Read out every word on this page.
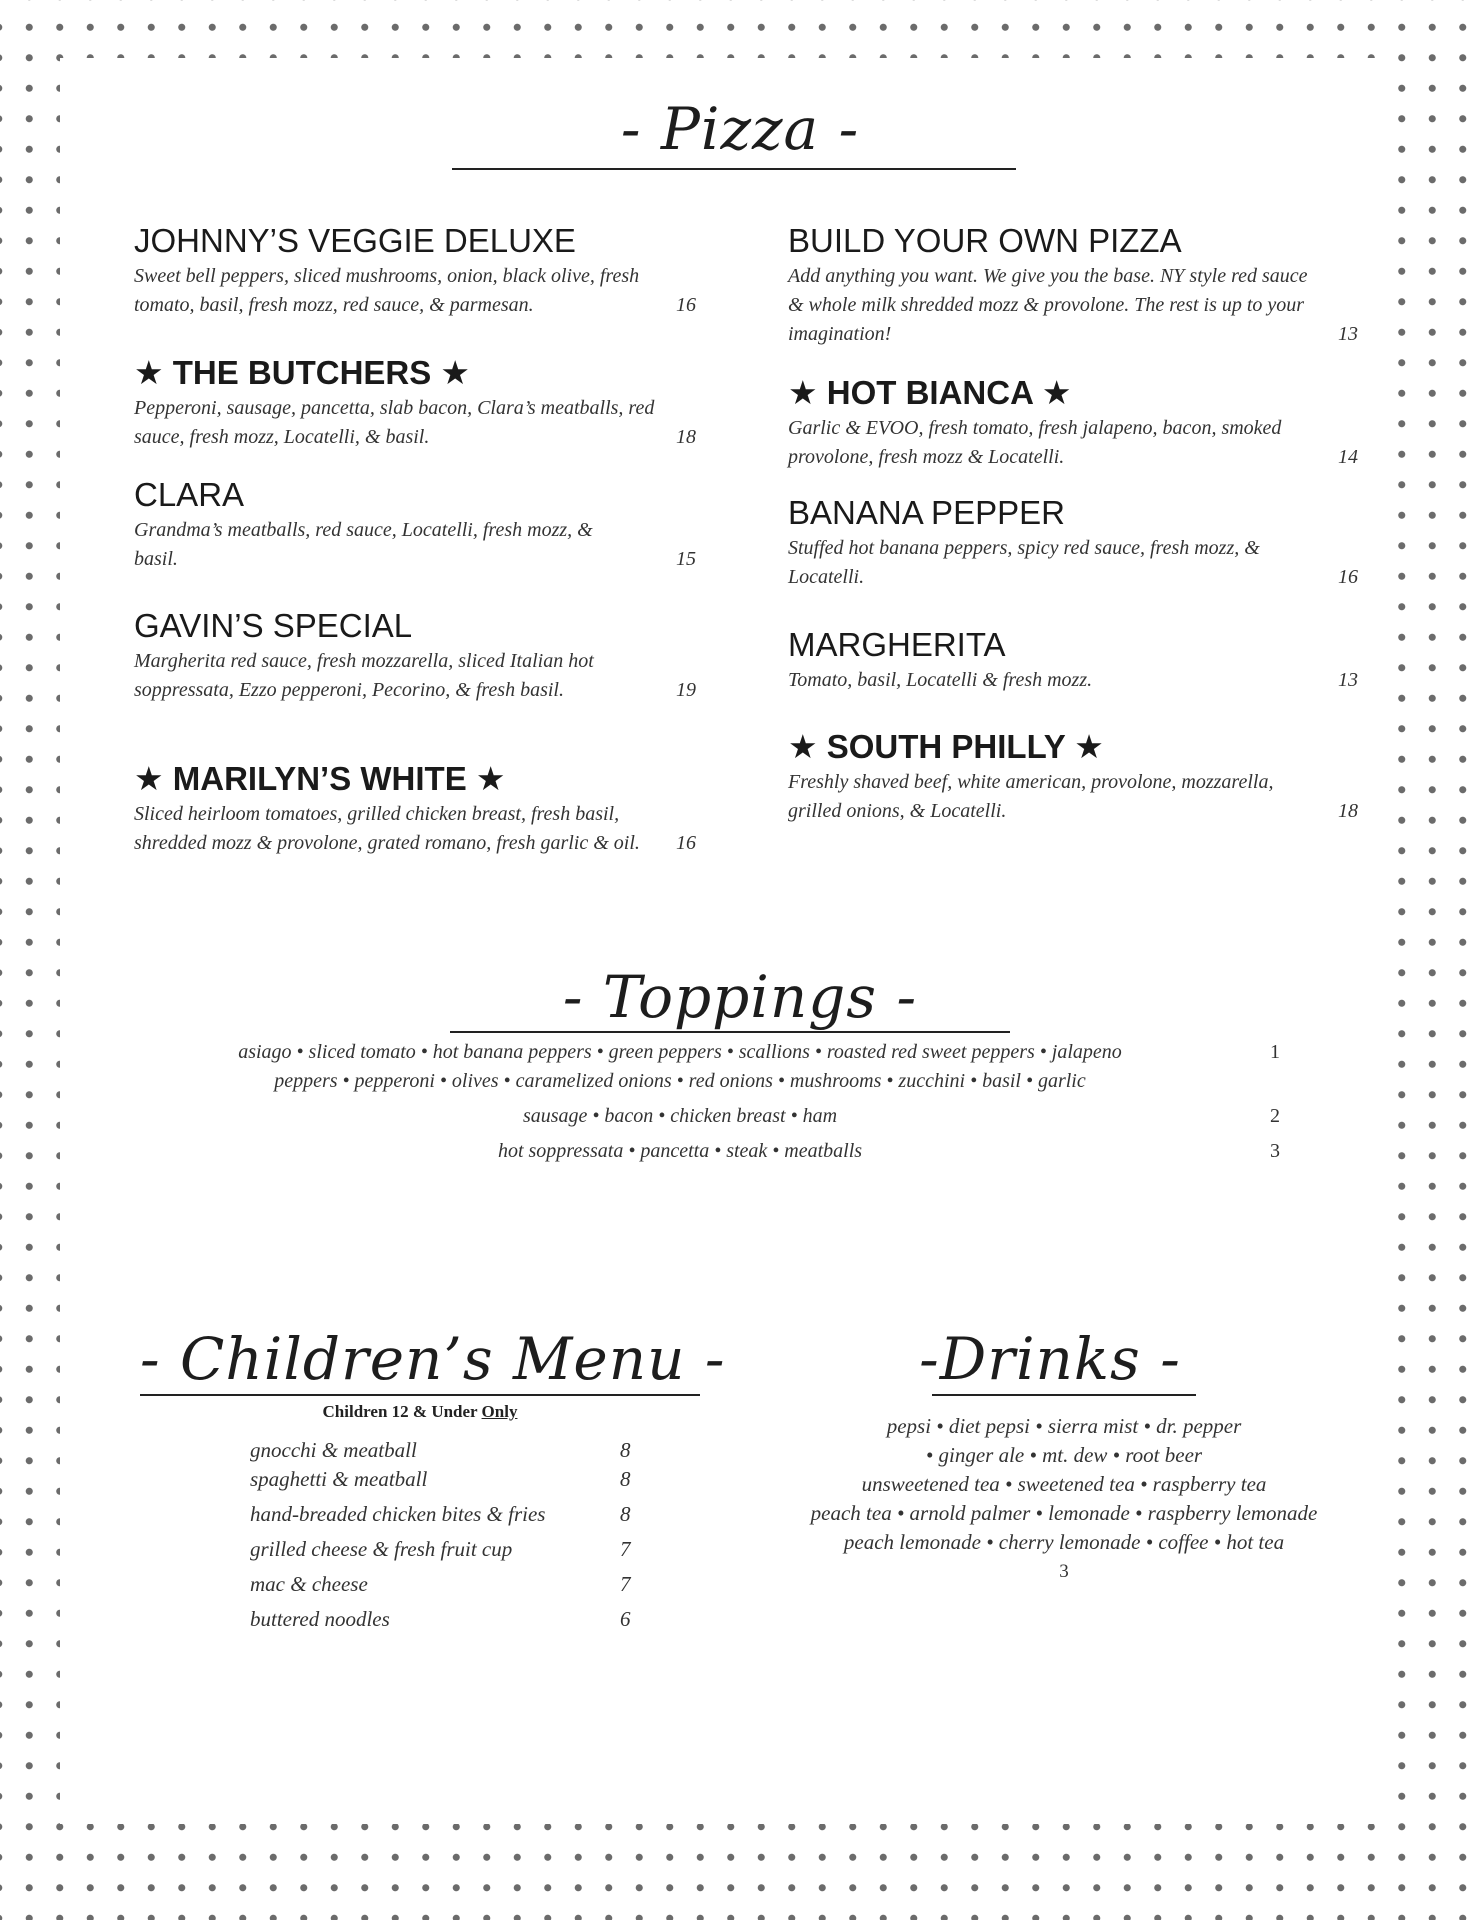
- Pizza -

JOHNNY’S VEGGIE DELUXE

Sweet bell peppers, sliced mushrooms, onion, black olive, fresh tomato, basil, fresh mozz, red sauce, & parmesan.	16

★ THE BUTCHERS ★

Pepperoni, sausage, pancetta, slab bacon, Clara’s meatballs, red sauce, fresh mozz, Locatelli, & basil.	18

CLARA

Grandma’s meatballs, red sauce, Locatelli, fresh mozz, & basil.	15

GAVIN’S SPECIAL

Margherita red sauce, fresh mozzarella, sliced Italian hot soppressata, Ezzo pepperoni, Pecorino, & fresh basil.	19

★ MARILYN’S WHITE ★

Sliced heirloom tomatoes, grilled chicken breast, fresh basil, shredded mozz & provolone, grated romano, fresh garlic & oil. 16

BUILD YOUR OWN PIZZA

Add anything you want. We give you the base. NY style red sauce & whole milk shredded mozz & provolone. The rest is up to your imagination!	13

★ HOT BIANCA ★

Garlic & EVOO, fresh tomato, fresh jalapeno, bacon, smoked provolone, fresh mozz & Locatelli.	14

BANANA PEPPER

Stuffed hot banana peppers, spicy red sauce, fresh mozz, & Locatelli.	16

MARGHERITA

Tomato, basil, Locatelli & fresh mozz.	13

★ SOUTH PHILLY ★

Freshly shaved beef, white american, provolone, mozzarella, grilled onions, & Locatelli.	18

- Toppings -
asiago • sliced tomato • hot banana peppers • green peppers • scallions • roasted red sweet peppers • jalapeno
peppers • pepperoni • olives • caramelized onions • red onions • mushrooms • zucchini • basil • garlic
1
sausage • bacon • chicken breast • ham	2
hot soppressata • pancetta • steak • meatballs	3
- Children’s Menu -
Children 12 & Under Only
gnocchi & meatball	8
spaghetti & meatball	8
hand-breaded chicken bites & fries	8
grilled cheese & fresh fruit cup	7
mac & cheese	7
buttered noodles	6
-Drinks -
pepsi • diet pepsi • sierra mist • dr. pepper
• ginger ale • mt. dew • root beer
unsweetened tea • sweetened tea • raspberry tea
peach tea • arnold palmer • lemonade • raspberry lemonade
peach lemonade • cherry lemonade • coffee • hot tea
3
